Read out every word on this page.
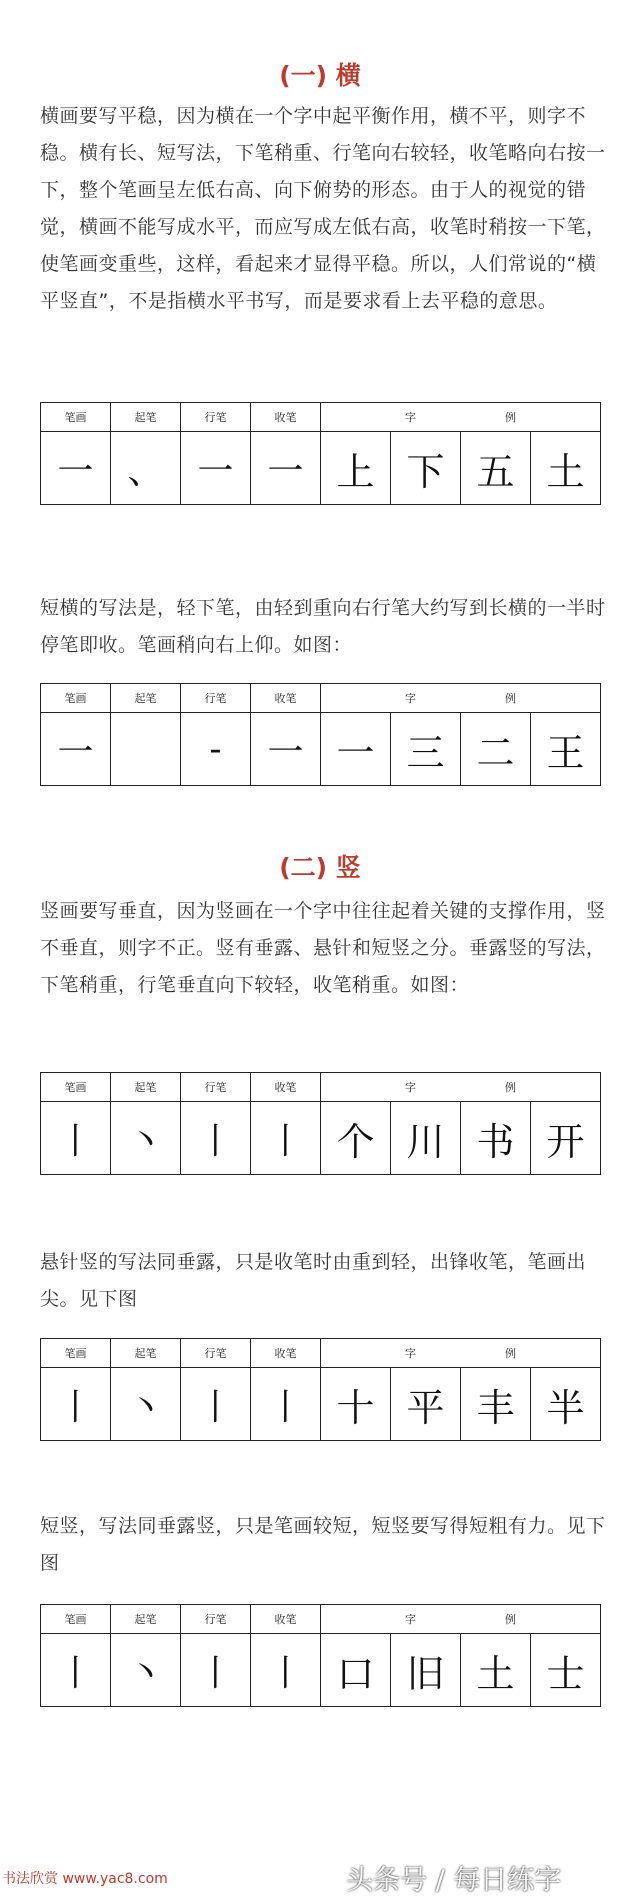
(一) 横

横画要写平稳，因为横在一个字中起平衡作用，横不平，则字不稳。横有长、短写法，下笔稍重、行笔向右较轻，收笔略向右按一下，整个笔画呈左低右高、向下俯势的形态。由于人的视觉的错觉，横画不能写成水平，而应写成左低右高，收笔时稍按一下笔，使笔画变重些，这样，看起来才显得平稳。所以，人们常说的“横平竖直”，不是指横水平书写，而是要求看上去平稳的意思。

笔画	起笔	行笔	收笔	字 例			
一	、	一	一	上	下	五	土

短横的写法是，轻下笔，由轻到重向右行笔大约写到长横的一半时停笔即收。笔画稍向右上仰。如图：

笔画	起笔	行笔	收笔	字 例			
一		-	一	一	三	二	王
(二) 竖

竖画要写垂直，因为竖画在一个字中往往起着关键的支撑作用，竖不垂直，则字不正。竖有垂露、悬针和短竖之分。垂露竖的写法，下笔稍重，行笔垂直向下较轻，收笔稍重。如图：

笔画	起笔	行笔	收笔	字 例			
丨	丶	丨	丨	个	川	书	开

悬针竖的写法同垂露，只是收笔时由重到轻，出锋收笔，笔画出尖。见下图

笔画	起笔	行笔	收笔	字 例			
丨	丶	丨	丨	十	平	丰	半

短竖，写法同垂露竖，只是笔画较短，短竖要写得短粗有力。见下图

笔画	起笔	行笔	收笔	字 例			
丨	丶	丨	丨	口	旧	土	士
书法欣赏 www.yac8.com	头条号 / 每日练字
